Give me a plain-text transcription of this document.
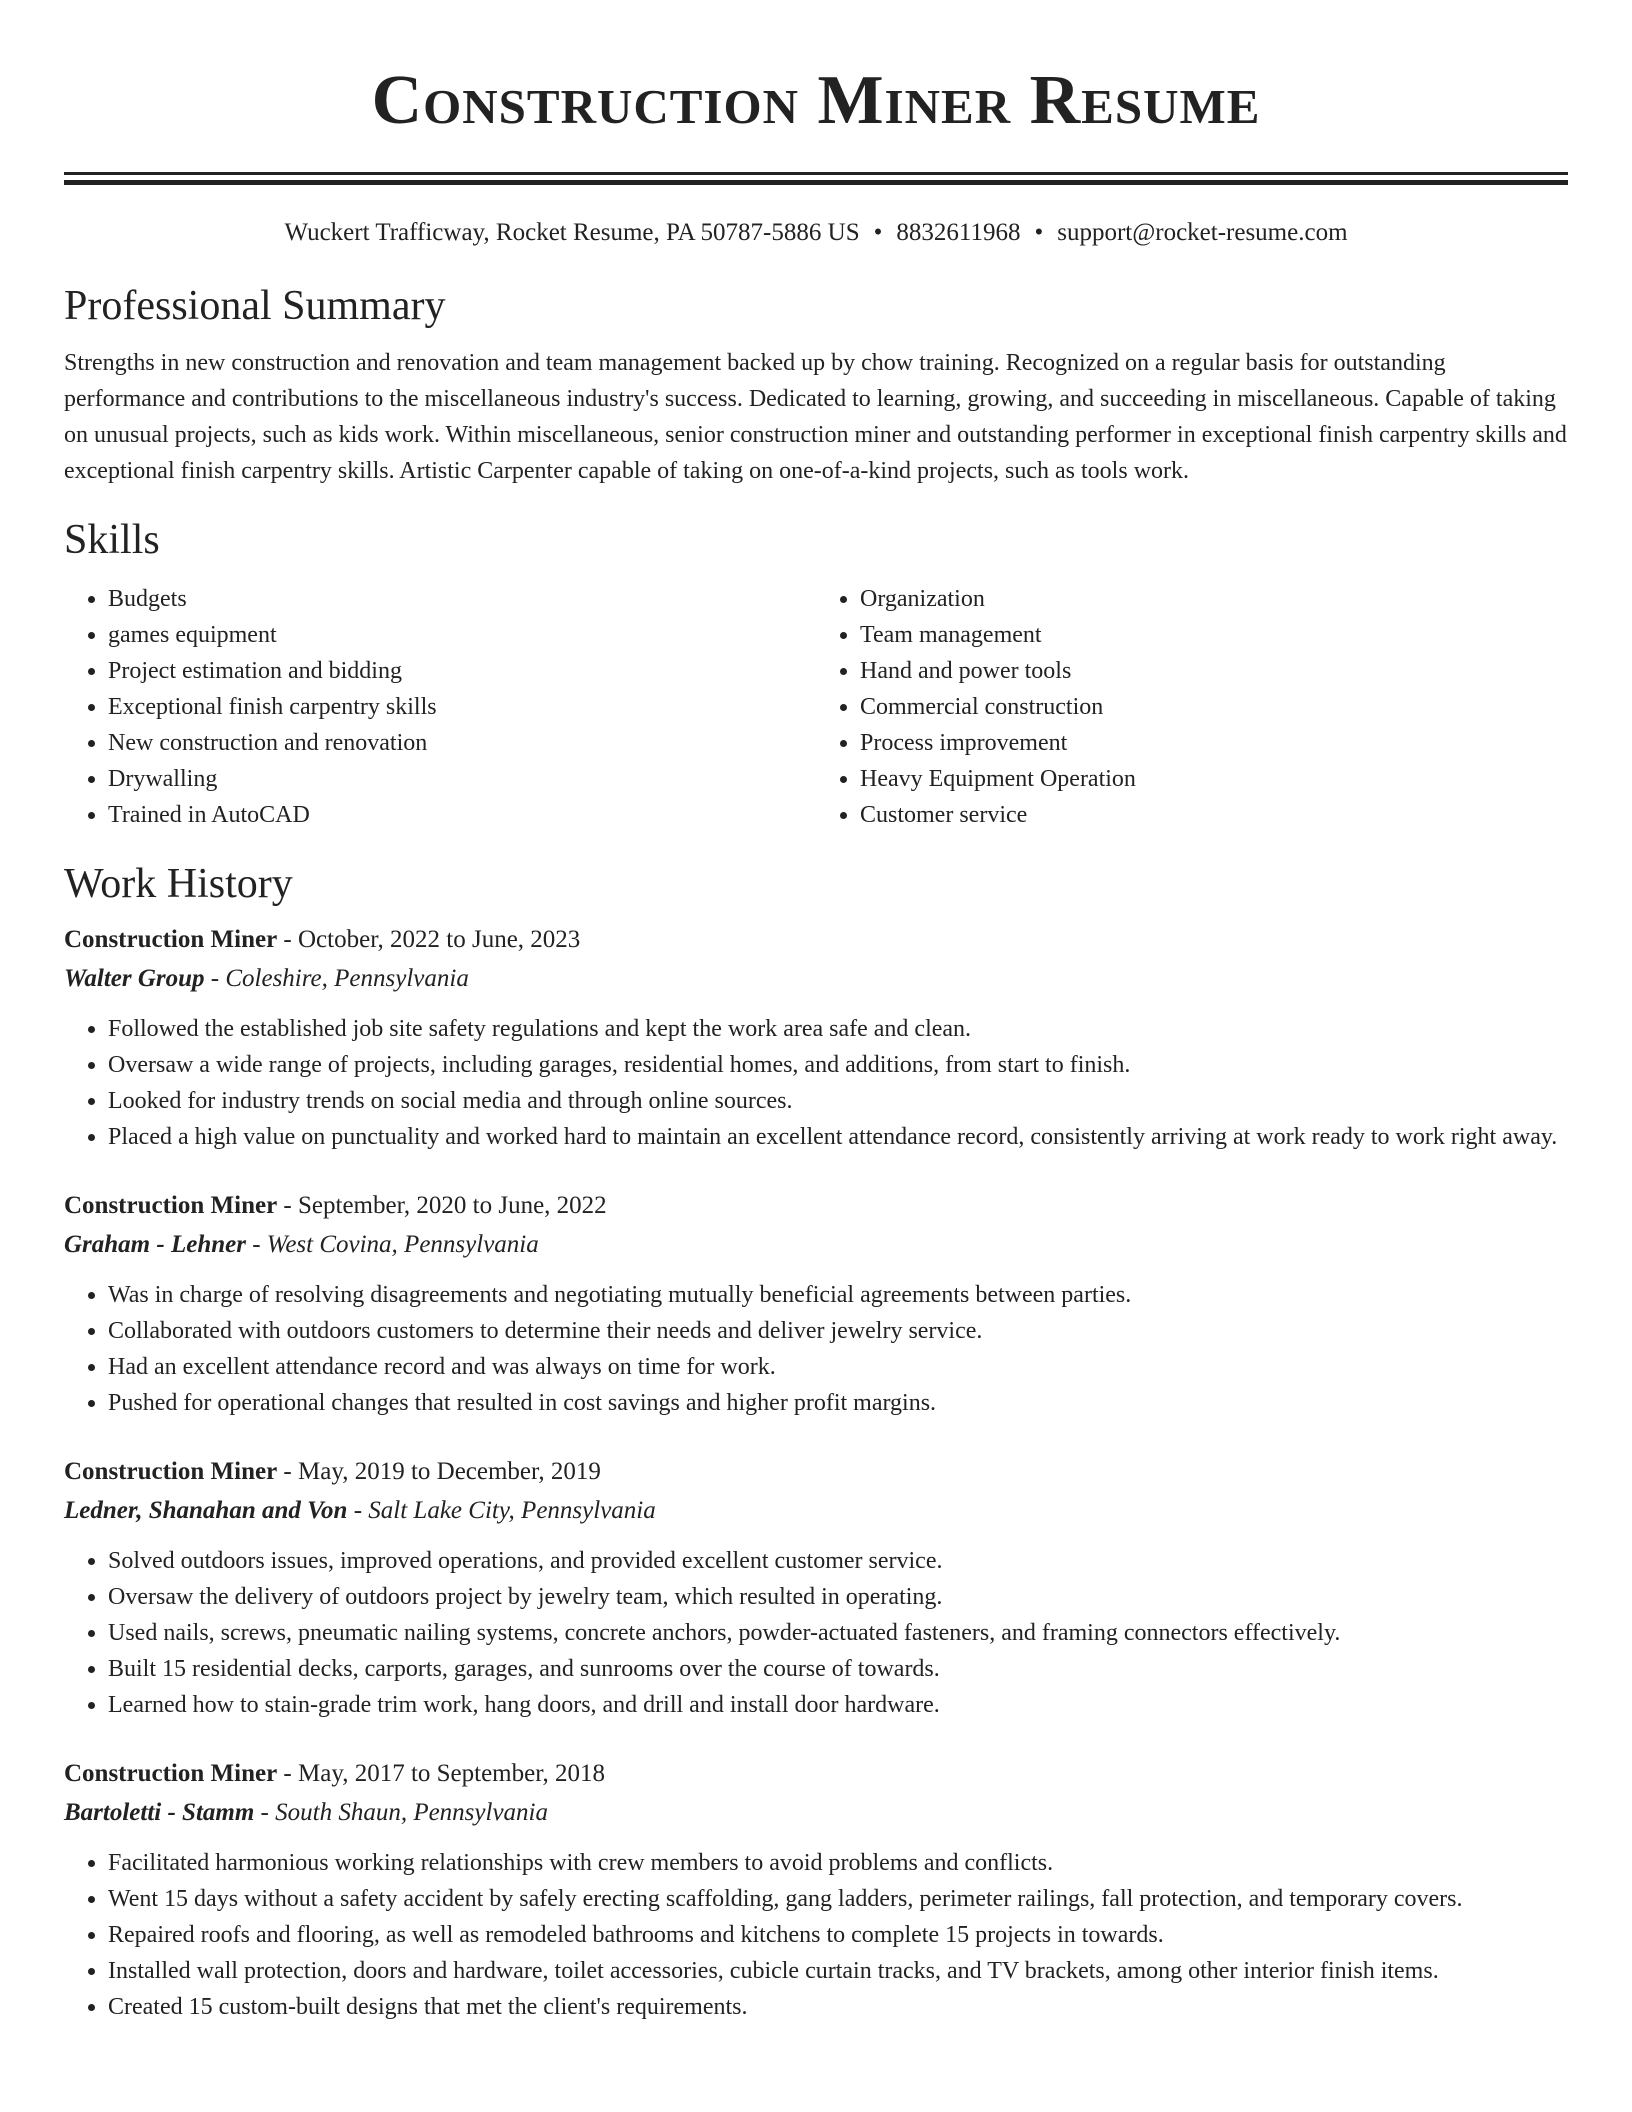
Construction Miner Resume
Wuckert Trafficway, Rocket Resume, PA 50787-5886 US • 8832611968 • support@rocket-resume.com
Professional Summary
Strengths in new construction and renovation and team management backed up by chow training. Recognized on a regular basis for outstanding performance and contributions to the miscellaneous industry's success. Dedicated to learning, growing, and succeeding in miscellaneous. Capable of taking on unusual projects, such as kids work. Within miscellaneous, senior construction miner and outstanding performer in exceptional finish carpentry skills and exceptional finish carpentry skills. Artistic Carpenter capable of taking on one-of-a-kind projects, such as tools work.
Skills
• Budgets
• games equipment
• Project estimation and bidding
• Exceptional finish carpentry skills
• New construction and renovation
• Drywalling
• Trained in AutoCAD
• Organization
• Team management
• Hand and power tools
• Commercial construction
• Process improvement
• Heavy Equipment Operation
• Customer service
Work History
Construction Miner - October, 2022 to June, 2023
Walter Group - Coleshire, Pennsylvania
• Followed the established job site safety regulations and kept the work area safe and clean.
• Oversaw a wide range of projects, including garages, residential homes, and additions, from start to finish.
• Looked for industry trends on social media and through online sources.
• Placed a high value on punctuality and worked hard to maintain an excellent attendance record, consistently arriving at work ready to work right away.
Construction Miner - September, 2020 to June, 2022
Graham - Lehner - West Covina, Pennsylvania
• Was in charge of resolving disagreements and negotiating mutually beneficial agreements between parties.
• Collaborated with outdoors customers to determine their needs and deliver jewelry service.
• Had an excellent attendance record and was always on time for work.
• Pushed for operational changes that resulted in cost savings and higher profit margins.
Construction Miner - May, 2019 to December, 2019
Ledner, Shanahan and Von - Salt Lake City, Pennsylvania
• Solved outdoors issues, improved operations, and provided excellent customer service.
• Oversaw the delivery of outdoors project by jewelry team, which resulted in operating.
• Used nails, screws, pneumatic nailing systems, concrete anchors, powder-actuated fasteners, and framing connectors effectively.
• Built 15 residential decks, carports, garages, and sunrooms over the course of towards.
• Learned how to stain-grade trim work, hang doors, and drill and install door hardware.
Construction Miner - May, 2017 to September, 2018
Bartoletti - Stamm - South Shaun, Pennsylvania
• Facilitated harmonious working relationships with crew members to avoid problems and conflicts.
• Went 15 days without a safety accident by safely erecting scaffolding, gang ladders, perimeter railings, fall protection, and temporary covers.
• Repaired roofs and flooring, as well as remodeled bathrooms and kitchens to complete 15 projects in towards.
• Installed wall protection, doors and hardware, toilet accessories, cubicle curtain tracks, and TV brackets, among other interior finish items.
• Created 15 custom-built designs that met the client's requirements.
